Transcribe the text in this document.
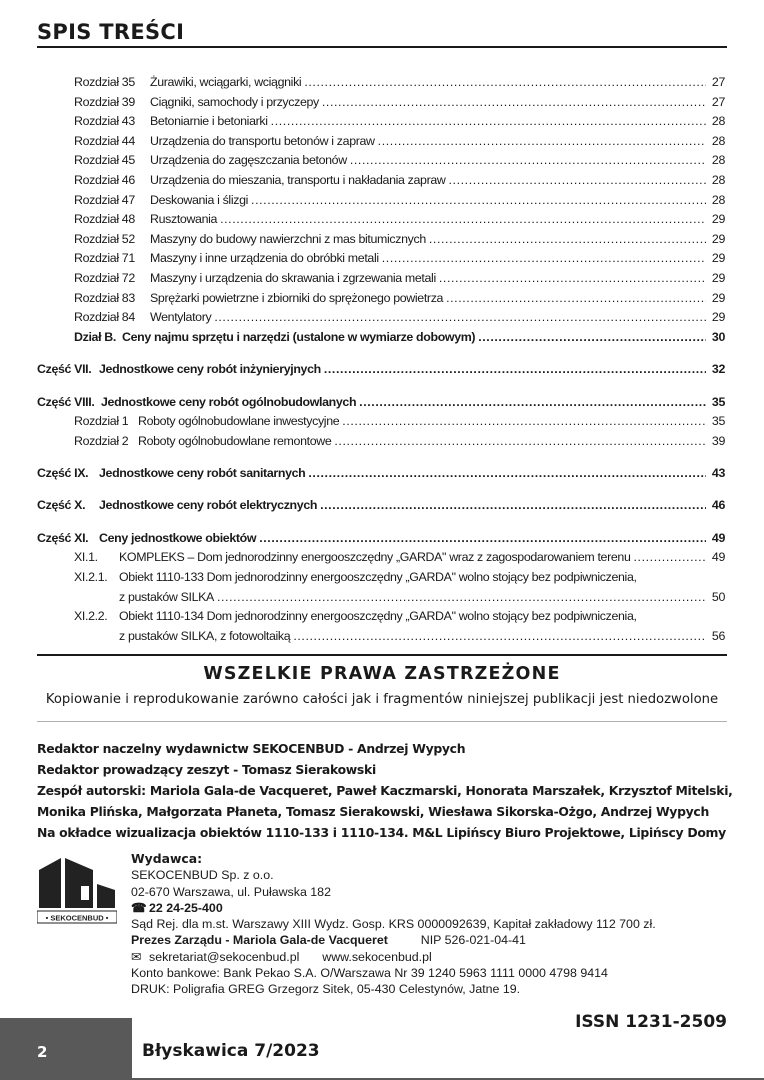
SPIS TREŚCI
Rozdział 35	Żurawiki, wciągarki, wciągniki .....	27
Rozdział 39	Ciągniki, samochody i przyczepy .....	27
Rozdział 43	Betoniarnie i betoniarki .....	28
Rozdział 44	Urządzenia do transportu betonów i zapraw .....	28
Rozdział 45	Urządzenia do zagęszczania betonów .....	28
Rozdział 46	Urządzenia do mieszania, transportu i nakładania zapraw .....	28
Rozdział 47	Deskowania i ślizgi .....	28
Rozdział 48	Rusztowania .....	29
Rozdział 52	Maszyny do budowy nawierzchni z mas bitumicznych .....	29
Rozdział 71	Maszyny i inne urządzenia do obróbki metali .....	29
Rozdział 72	Maszyny i urządzenia do skrawania i zgrzewania metali .....	29
Rozdział 83	Sprężarki powietrzne i zbiorniki do sprężonego powietrza .....	29
Rozdział 84	Wentylatory .....	29
Dział B. Ceny najmu sprzętu i narzędzi (ustalone w wymiarze dobowym) .....	30
Część VII. Jednostkowe ceny robót inżynieryjnych .....	32
Część VIII. Jednostkowe ceny robót ogólnobudowlanych .....	35
Rozdział 1 Roboty ogólnobudowlane inwestycyjne .....	35
Rozdział 2 Roboty ogólnobudowlane remontowe .....	39
Część IX. Jednostkowe ceny robót sanitarnych .....	43
Część X.	Jednostkowe ceny robót elektrycznych .....	46
Część XI. Ceny jednostkowe obiektów .....	49
XI.1.	KOMPLEKS – Dom jednorodzinny energooszczędny „GARDA" wraz z zagospodarowaniem terenu .....	49
XI.2.1. Obiekt 1110-133 Dom jednorodzinny energooszczędny „GARDA" wolno stojący bez podpiwniczenia,
z pustaków SILKA .....	50
XI.2.2. Obiekt 1110-134 Dom jednorodzinny energooszczędny „GARDA" wolno stojący bez podpiwniczenia,
z pustaków SILKA, z fotowoltaiką .....	56
WSZELKIE PRAWA ZASTRZEŻONE
Kopiowanie i reprodukowanie zarówno całości jak i fragmentów niniejszej publikacji jest niedozwolone
Redaktor naczelny wydawnictw SEKOCENBUD - Andrzej Wypych
Redaktor prowadzący zeszyt - Tomasz Sierakowski
Zespół autorski: Mariola Gala-de Vacqueret, Paweł Kaczmarski, Honorata Marszałek, Krzysztof Mitelski,
Monika Plińska, Małgorzata Płaneta, Tomasz Sierakowski, Wiesława Sikorska-Ożgo, Andrzej Wypych
Na okładce wizualizacja obiektów 1110-133 i 1110-134. M&L Lipińscy Biuro Projektowe, Lipińscy Domy
• SEKOCENBUD •
Wydawca:
SEKOCENBUD Sp. z o.o.
02-670 Warszawa, ul. Puławska 182
☎ 22 24-25-400
Sąd Rej. dla m.st. Warszawy XIII Wydz. Gosp. KRS 0000092639, Kapitał zakładowy 112 700 zł.
Prezes Zarządu - Mariola Gala-de Vacqueret	NIP 526-021-04-41
✉ sekretariat@sekocenbud.pl www.sekocenbud.pl
Konto bankowe: Bank Pekao S.A. O/Warszawa Nr 39 1240 5963 1111 0000 4798 9414
DRUK: Poligrafia GREG Grzegorz Sitek, 05-430 Celestynów, Jatne 19.
ISSN 1231-2509
2	Błyskawica 7/2023
